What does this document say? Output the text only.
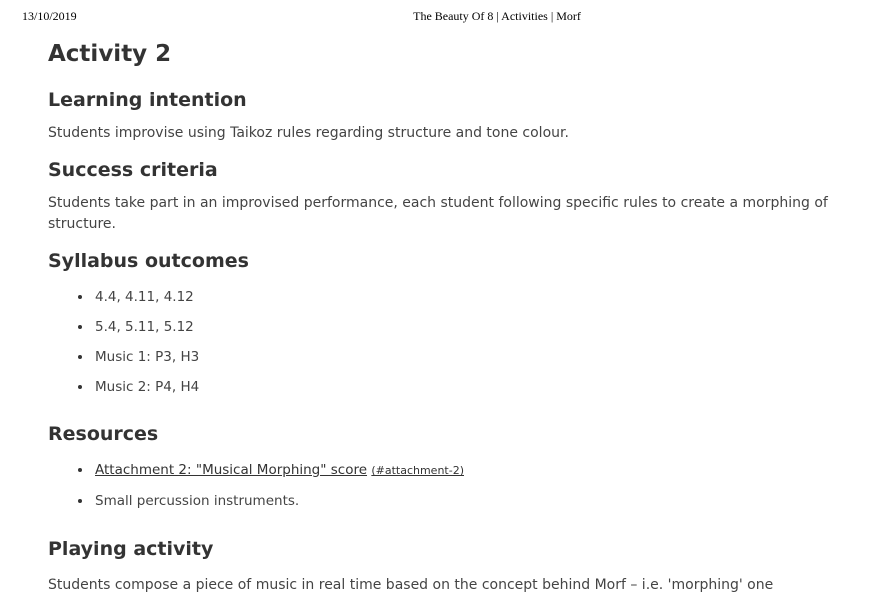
13/10/2019	The Beauty Of 8 | Activities | Morf
Activity 2
Learning intention

Students improvise using Taikoz rules regarding structure and tone colour.

Success criteria

Students take part in an improvised performance, each student following specific rules to create a morphing of structure.

Syllabus outcomes
4.4, 4.11, 4.12
5.4, 5.11, 5.12
Music 1: P3, H3
Music 2: P4, H4
Resources
Attachment 2: "Musical Morphing" score (#attachment-2)
Small percussion instruments.
Playing activity

Students compose a piece of music in real time based on the concept behind Morf – i.e. 'morphing' one
